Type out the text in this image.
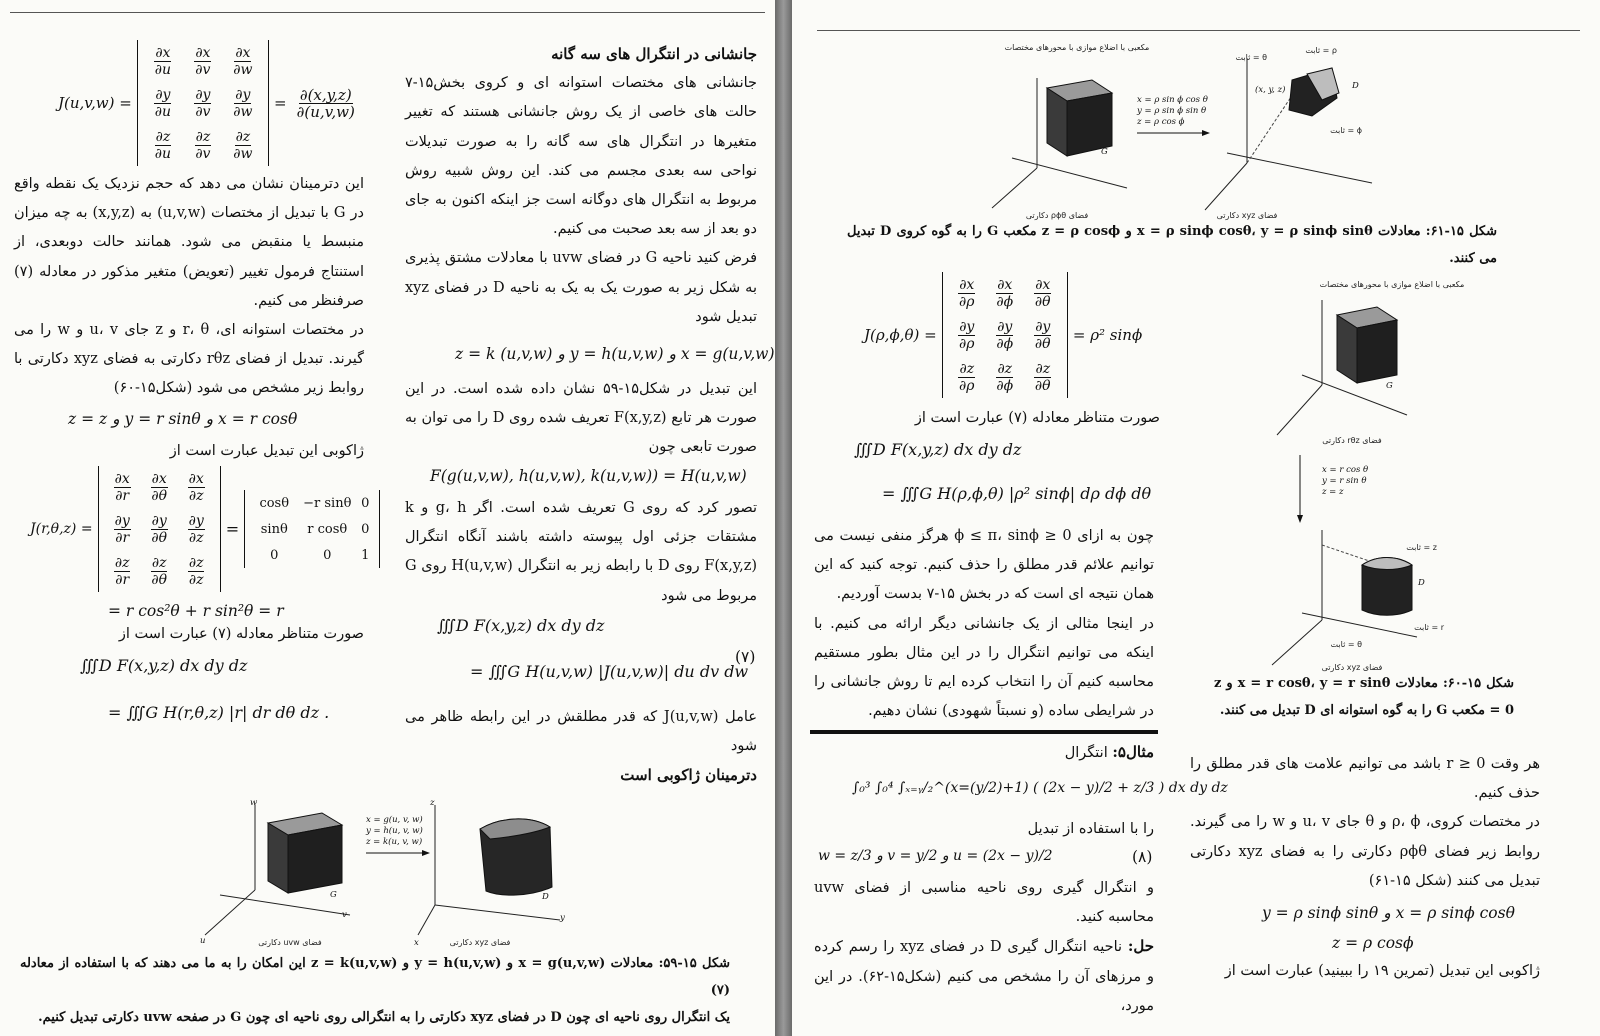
جانشانی در انتگرال های سه گانه
جانشانی های مختصات استوانه ای و کروی بخش۱۵-۷ حالت های خاصی از یک روش جانشانی هستند که تغییر متغیرها در انتگرال های سه گانه را به صورت تبدیلات نواحی سه بعدی مجسم می کند. این روش شبیه روش مربوط به انتگرال های دوگانه است جز اینکه اکنون به جای دو بعد از سه بعد صحبت می کنیم.
فرض کنید ناحیه G در فضای uvw با معادلات مشتق پذیری به شکل زیر به صورت یک به یک به ناحیه D در فضای xyz تبدیل شود
z = k (u,v,w) و y = h(u,v,w) و x = g(u,v,w)
این تبدیل در شکل۱۵-۵۹ نشان داده شده است. در این صورت هر تابع F(x,y,z) تعریف شده روی D را می توان به صورت تابعی چون
F(g(u,v,w), h(u,v,w), k(u,v,w)) = H(u,v,w)
تصور کرد که روی G تعریف شده است. اگر g، h و k مشتقات جزئی اول پیوسته داشته باشند آنگاه انتگرال F(x,y,z) روی D با رابطه زیر به انتگرال H(u,v,w) روی G مربوط می شود
∭D F(x,y,z) dx dy dz
= ∭G H(u,v,w) |J(u,v,w)| du dv dw
(۷)
عامل J(u,v,w) که قدر مطلقش در این رابطه ظاهر می شود
دترمینان ژاکوبی است
J(u,v,w) =
$\frac{\partial x}{\partial u} \frac{\partial x}{\partial v} \frac{\partial x}{\partial w}$
$\frac{\partial y}{\partial u} \frac{\partial y}{\partial v} \frac{\partial y}{\partial w}$
$\frac{\partial z}{\partial u} \frac{\partial z}{\partial v} \frac{\partial z}{\partial w}$
= $\frac{\partial(x,y,z)}{\partial(u,v,w)}$
این دترمینان نشان می دهد که حجم نزدیک یک نقطه واقع در G با تبدیل از مختصات (u,v,w) به (x,y,z) به چه میزان منبسط یا منقبض می شود. همانند حالت دوبعدی، از استنتاج فرمول تغییر (تعویض) متغیر مذکور در معادله (۷) صرفنظر می کنیم.
در مختصات استوانه ای، r، θ و z جای u، v و w را می گیرند. تبدیل از فضای rθz دکارتی به فضای xyz دکارتی با روابط زیر مشخص می شود (شکل۱۵-۶۰)
z = z و y = r sinθ و x = r cosθ
ژاکوبی این تبدیل عبارت است از
J(r,θ,z) =
$\frac{\partial x}{\partial r} \frac{\partial x}{\partial\theta} \frac{\partial x}{\partial z}$
$\frac{\partial y}{\partial r} \frac{\partial y}{\partial\theta} \frac{\partial y}{\partial z}$
$\frac{\partial z}{\partial r} \frac{\partial z}{\partial\theta} \frac{\partial z}{\partial z}$
=
cosθ	−r sinθ 0
sinθ	r cosθ	0
0	0	1
= r cos²θ + r sin²θ = r
صورت متناظر معادله (۷) عبارت است از
∭D F(x,y,z) dx dy dz
= ∭G H(r,θ,z) |r| dr dθ dz .
w
u
v
G
x = g(u, v, w)
y = h(u, v, w)
z = k(u, v, w)
z
x
y
D
فضای uvw دکارتی	فضای xyz دکارتی
شکل ۱۵-۵۹: معادلات x = g(u,v,w) و y = h(u,v,w) و z = k(u,v,w) این امکان را به ما می دهند که با استفاده از معادله (۷)
یک انتگرال روی ناحیه ای چون D در فضای xyz دکارتی را به انتگرالی روی ناحیه ای چون G در صفحه uvw دکارتی تبدیل کنیم.
مکعبی با اضلاع موازی با محورهای مختصات
G
x = ρ sin ϕ cos θ
y = ρ sin ϕ sin θ
z = ρ cos ϕ
D
θ = ثابت
ρ = ثابت
ϕ = ثابت
(x, y, z)
فضای ρϕθ دکارتی	فضای xyz دکارتی
شکل ۱۵-۶۱: معادلات x = ρ sinϕ cosθ، y = ρ sinϕ sinθ و z = ρ cosϕ مکعب G را به گوه کروی D تبدیل می کنند.
J(ρ,ϕ,θ) =
$\frac{\partial x}{\partial\rho} \frac{\partial x}{\partial\phi} \frac{\partial x}{\partial\theta}$
$\frac{\partial y}{\partial\rho} \frac{\partial y}{\partial\phi} \frac{\partial y}{\partial\theta}$
$\frac{\partial z}{\partial\rho} \frac{\partial z}{\partial\phi} \frac{\partial z}{\partial\theta}$
= ρ² sinϕ
صورت متناظر معادله (۷) عبارت است از
∭D F(x,y,z) dx dy dz
= ∭G H(ρ,ϕ,θ) |ρ² sinϕ| dρ dϕ dθ
چون به ازای 0 ≤ ϕ ≤ π، sinϕ هرگز منفی نیست می توانیم علائم قدر مطلق را حذف کنیم. توجه کنید که این همان نتیجه ای است که در بخش ۱۵-۷ بدست آوردیم.
در اینجا مثالی از یک جانشانی دیگر ارائه می کنیم. با اینکه می توانیم انتگرال را در این مثال بطور مستقیم محاسبه کنیم آن را انتخاب کرده ایم تا روش جانشانی را در شرایطی ساده (و نسبتاً شهودی) نشان دهیم.
مثال۵: انتگرال
∫₀³ ∫₀⁴ ∫ₓ₌ᵧ/₂^(x=(y/2)+1) ( (2x − y)/2 + z/3 ) dx dy dz
را با استفاده از تبدیل
w = z/3 و v = y/2 و u = (2x − y)/2	(۸)
و انتگرال گیری روی ناحیه مناسبی از فضای uvw محاسبه کنید.
حل: ناحیه انتگرال گیری D در فضای xyz را رسم کرده و مرزهای آن را مشخص می کنیم (شکل۱۵-۶۲). در این مورد،
مکعبی با اضلاع موازی با محورهای مختصات
G
فضای rθz دکارتی
x = r cos θ
y = r sin θ
z = z
D
z = ثابت
r = ثابت
θ = ثابت
فضای xyz دکارتی
شکل ۱۵-۶۰: معادلات x = r cosθ، y = r sinθ و z = 0 مکعب G را به گوه استوانه ای D تبدیل می کنند.
هر وقت r ≥ 0 باشد می توانیم علامت های قدر مطلق را حذف کنیم.
در مختصات کروی، ρ، ϕ و θ جای u، v و w را می گیرند. روابط زیر فضای ρϕθ دکارتی را به فضای xyz دکارتی تبدیل می کنند (شکل ۱۵-۶۱)
y = ρ sinϕ sinθ و x = ρ sinϕ cosθ
z = ρ cosϕ
ژاکوبی این تبدیل (تمرین ۱۹ را ببینید) عبارت است از
